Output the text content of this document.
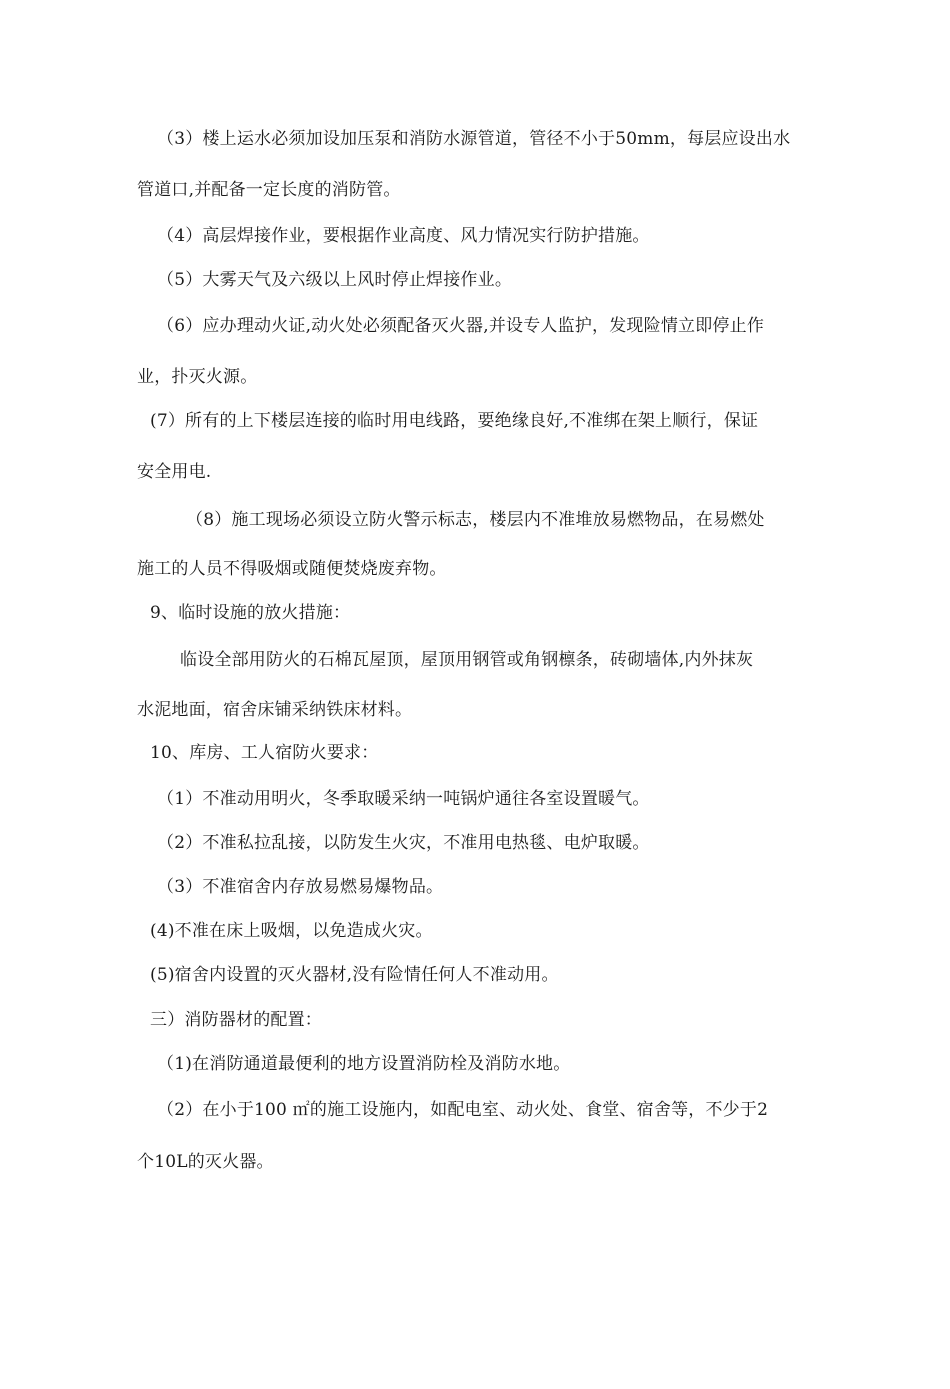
（3）楼上运水必须加设加压泵和消防水源管道，管径不小于50mm，每层应设出水
管道口,并配备一定长度的消防管。
（4）高层焊接作业，要根据作业高度、风力情况实行防护措施。
（5）大雾天气及六级以上风时停止焊接作业。
（6）应办理动火证,动火处必须配备灭火器,并设专人监护，发现险情立即停止作
业，扑灭火源。
(7）所有的上下楼层连接的临时用电线路，要绝缘良好,不准绑在架上顺行，保证
安全用电.
（8）施工现场必须设立防火警示标志，楼层内不准堆放易燃物品，在易燃处
施工的人员不得吸烟或随便焚烧废弃物。
9、临时设施的放火措施：
临设全部用防火的石棉瓦屋顶，屋顶用钢管或角钢檩条，砖砌墙体,内外抹灰
水泥地面，宿舍床铺采纳铁床材料。
10、库房、工人宿防火要求：
（1）不准动用明火，冬季取暖采纳一吨锅炉通往各室设置暖气。
（2）不准私拉乱接，以防发生火灾，不准用电热毯、电炉取暖。
（3）不准宿舍内存放易燃易爆物品。
(4)不准在床上吸烟，以免造成火灾。
(5)宿舍内设置的灭火器材,没有险情任何人不准动用。
三）消防器材的配置：
（1)在消防通道最便利的地方设置消防栓及消防水地。
（2）在小于100 ㎡的施工设施内，如配电室、动火处、食堂、宿舍等，不少于2
个10L的灭火器。
